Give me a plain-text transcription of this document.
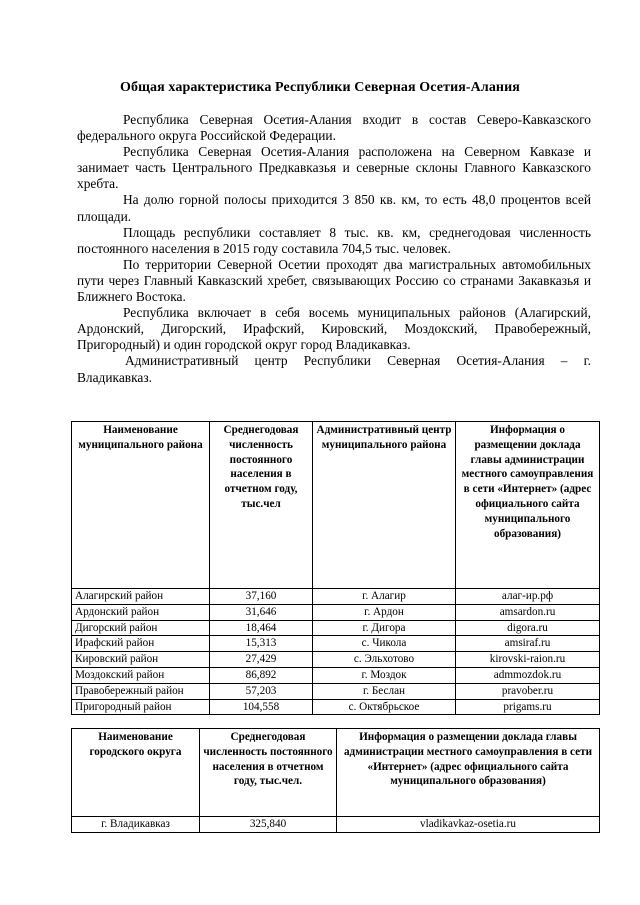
Общая характеристика Республики Северная Осетия-Алания

Республика Северная Осетия-Алания входит в состав Северо-Кавказского федерального округа Российской Федерации.

Республика Северная Осетия-Алания расположена на Северном Кавказе и занимает часть Центрального Предкавказья и северные склоны Главного Кавказского хребта.

На долю горной полосы приходится 3 850 кв. км, то есть 48,0 процентов всей площади.

Площадь республики составляет 8 тыс. кв. км, среднегодовая численность постоянного населения в 2015 году составила 704,5 тыс. человек.

По территории Северной Осетии проходят два магистральных автомобильных пути через Главный Кавказский хребет, связывающих Россию со странами Закавказья и Ближнего Востока.

Республика включает в себя восемь муниципальных районов (Алагирский, Ардонский, Дигорский, Ирафский, Кировский, Моздокский, Правобережный, Пригородный) и один городской округ город Владикавказ.

Административный центр Республики Северная Осетия-Алания – г. Владикавказ.

Наименование муниципального района	Среднегодовая численность постоянного населения в отчетном году, тыс.чел	Административный центр муниципального района	Информация о размещении доклада главы администрации местного самоуправления в сети «Интернет» (адрес официального сайта муниципального образования)
Алагирский район	37,160	г. Алагир	алаг-ир.рф
Ардонский район	31,646	г. Ардон	amsardon.ru
Дигорский район	18,464	г. Дигора	digora.ru
Ирафский район	15,313	с. Чикола	amsiraf.ru
Кировский район	27,429	с. Эльхотово	kirovski-raion.ru
Моздокский район	86,892	г. Моздок	admmozdok.ru
Правобережный район	57,203	г. Беслан	pravober.ru
Пригородный район	104,558	с. Октябрьское	prigams.ru
Наименование городского округа	Среднегодовая численность постоянного населения в отчетном году, тыс.чел.	Информация о размещении доклада главы администрации местного самоуправления в сети «Интернет» (адрес официального сайта муниципального образования)
г. Владикавказ	325,840	vladikavkaz-osetia.ru
